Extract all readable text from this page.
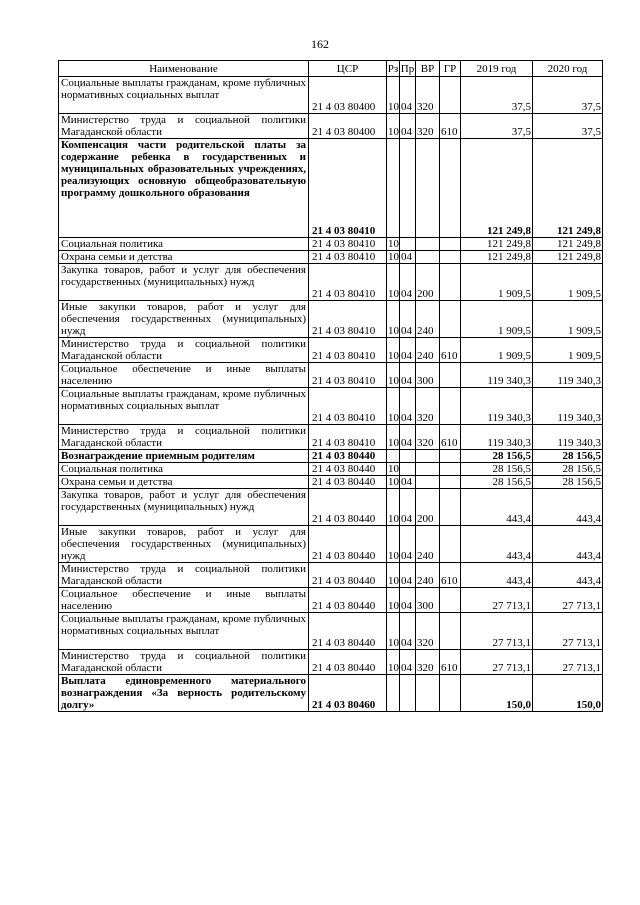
162
Наименование	ЦСР	Рз	Пр	ВР	ГР	2019 год	2020 год
Социальные выплаты гражданам, кроме публичных нормативных социальных выплат	21 4 03 80400	10	04	320		37,5	37,5
Министерство труда и социальной политики Магаданской области	21 4 03 80400	10	04	320	610	37,5	37,5
Компенсация части родительской платы за содержание ребенка в государственных и муниципальных образовательных учреждениях, реализующих основную общеобразовательную программу дошкольного образования	21 4 03 80410					121 249,8	121 249,8
Социальная политика	21 4 03 80410	10				121 249,8	121 249,8
Охрана семьи и детства	21 4 03 80410	10	04			121 249,8	121 249,8
Закупка товаров, работ и услуг для обеспечения государственных (муниципальных) нужд	21 4 03 80410	10	04	200		1 909,5	1 909,5
Иные закупки товаров, работ и услуг для обеспечения государственных (муниципальных) нужд	21 4 03 80410	10	04	240		1 909,5	1 909,5
Министерство труда и социальной политики Магаданской области	21 4 03 80410	10	04	240	610	1 909,5	1 909,5
Социальное обеспечение и иные выплаты населению	21 4 03 80410	10	04	300		119 340,3	119 340,3
Социальные выплаты гражданам, кроме публичных нормативных социальных выплат	21 4 03 80410	10	04	320		119 340,3	119 340,3
Министерство труда и социальной политики Магаданской области	21 4 03 80410	10	04	320	610	119 340,3	119 340,3
Вознаграждение приемным родителям	21 4 03 80440					28 156,5	28 156,5
Социальная политика	21 4 03 80440	10				28 156,5	28 156,5
Охрана семьи и детства	21 4 03 80440	10	04			28 156,5	28 156,5
Закупка товаров, работ и услуг для обеспечения государственных (муниципальных) нужд	21 4 03 80440	10	04	200		443,4	443,4
Иные закупки товаров, работ и услуг для обеспечения государственных (муниципальных) нужд	21 4 03 80440	10	04	240		443,4	443,4
Министерство труда и социальной политики Магаданской области	21 4 03 80440	10	04	240	610	443,4	443,4
Социальное обеспечение и иные выплаты населению	21 4 03 80440	10	04	300		27 713,1	27 713,1
Социальные выплаты гражданам, кроме публичных нормативных социальных выплат	21 4 03 80440	10	04	320		27 713,1	27 713,1
Министерство труда и социальной политики Магаданской области	21 4 03 80440	10	04	320	610	27 713,1	27 713,1
Выплата единовременного материального вознаграждения «За верность родительскому долгу»	21 4 03 80460					150,0	150,0
